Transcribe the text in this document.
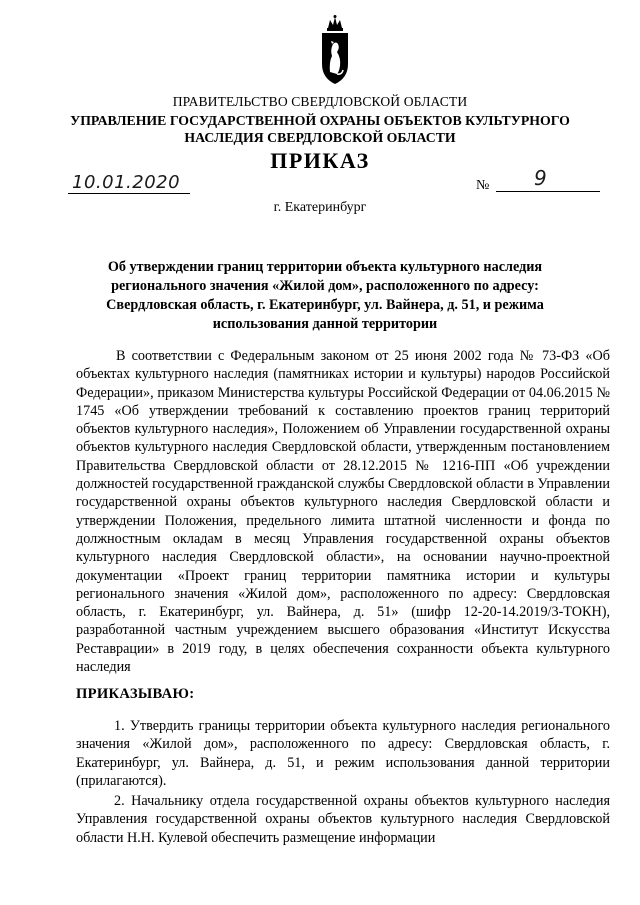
ПРАВИТЕЛЬСТВО СВЕРДЛОВСКОЙ ОБЛАСТИ
УПРАВЛЕНИЕ ГОСУДАРСТВЕННОЙ ОХРАНЫ ОБЪЕКТОВ КУЛЬТУРНОГО НАСЛЕДИЯ СВЕРДЛОВСКОЙ ОБЛАСТИ
ПРИКАЗ
10.01.2020	№ 9
г. Екатеринбург
Об утверждении границ территории объекта культурного наследия регионального значения «Жилой дом», расположенного по адресу: Свердловская область, г. Екатеринбург, ул. Вайнера, д. 51, и режима использования данной территории

В соответствии с Федеральным законом от 25 июня 2002 года № 73-ФЗ «Об объектах культурного наследия (памятниках истории и культуры) народов Российской Федерации», приказом Министерства культуры Российской Федерации от 04.06.2015 № 1745 «Об утверждении требований к составлению проектов границ территорий объектов культурного наследия», Положением об Управлении государственной охраны объектов культурного наследия Свердловской области, утвержденным постановлением Правительства Свердловской области от 28.12.2015 № 1216-ПП «Об учреждении должностей государственной гражданской службы Свердловской области в Управлении государственной охраны объектов культурного наследия Свердловской области и утверждении Положения, предельного лимита штатной численности и фонда по должностным окладам в месяц Управления государственной охраны объектов культурного наследия Свердловской области», на основании научно-проектной документации «Проект границ территории памятника истории и культуры регионального значения «Жилой дом», расположенного по адресу: Свердловская область, г. Екатеринбург, ул. Вайнера, д. 51» (шифр 12-20-14.2019/3-ТОКН), разработанной частным учреждением высшего образования «Институт Искусства Реставрации» в 2019 году, в целях обеспечения сохранности объекта культурного наследия

ПРИКАЗЫВАЮ:

1. Утвердить границы территории объекта культурного наследия регионального значения «Жилой дом», расположенного по адресу: Свердловская область, г. Екатеринбург, ул. Вайнера, д. 51, и режим использования данной территории (прилагаются).

2. Начальнику отдела государственной охраны объектов культурного наследия Управления государственной охраны объектов культурного наследия Свердловской области Н.Н. Кулевой обеспечить размещение информации
